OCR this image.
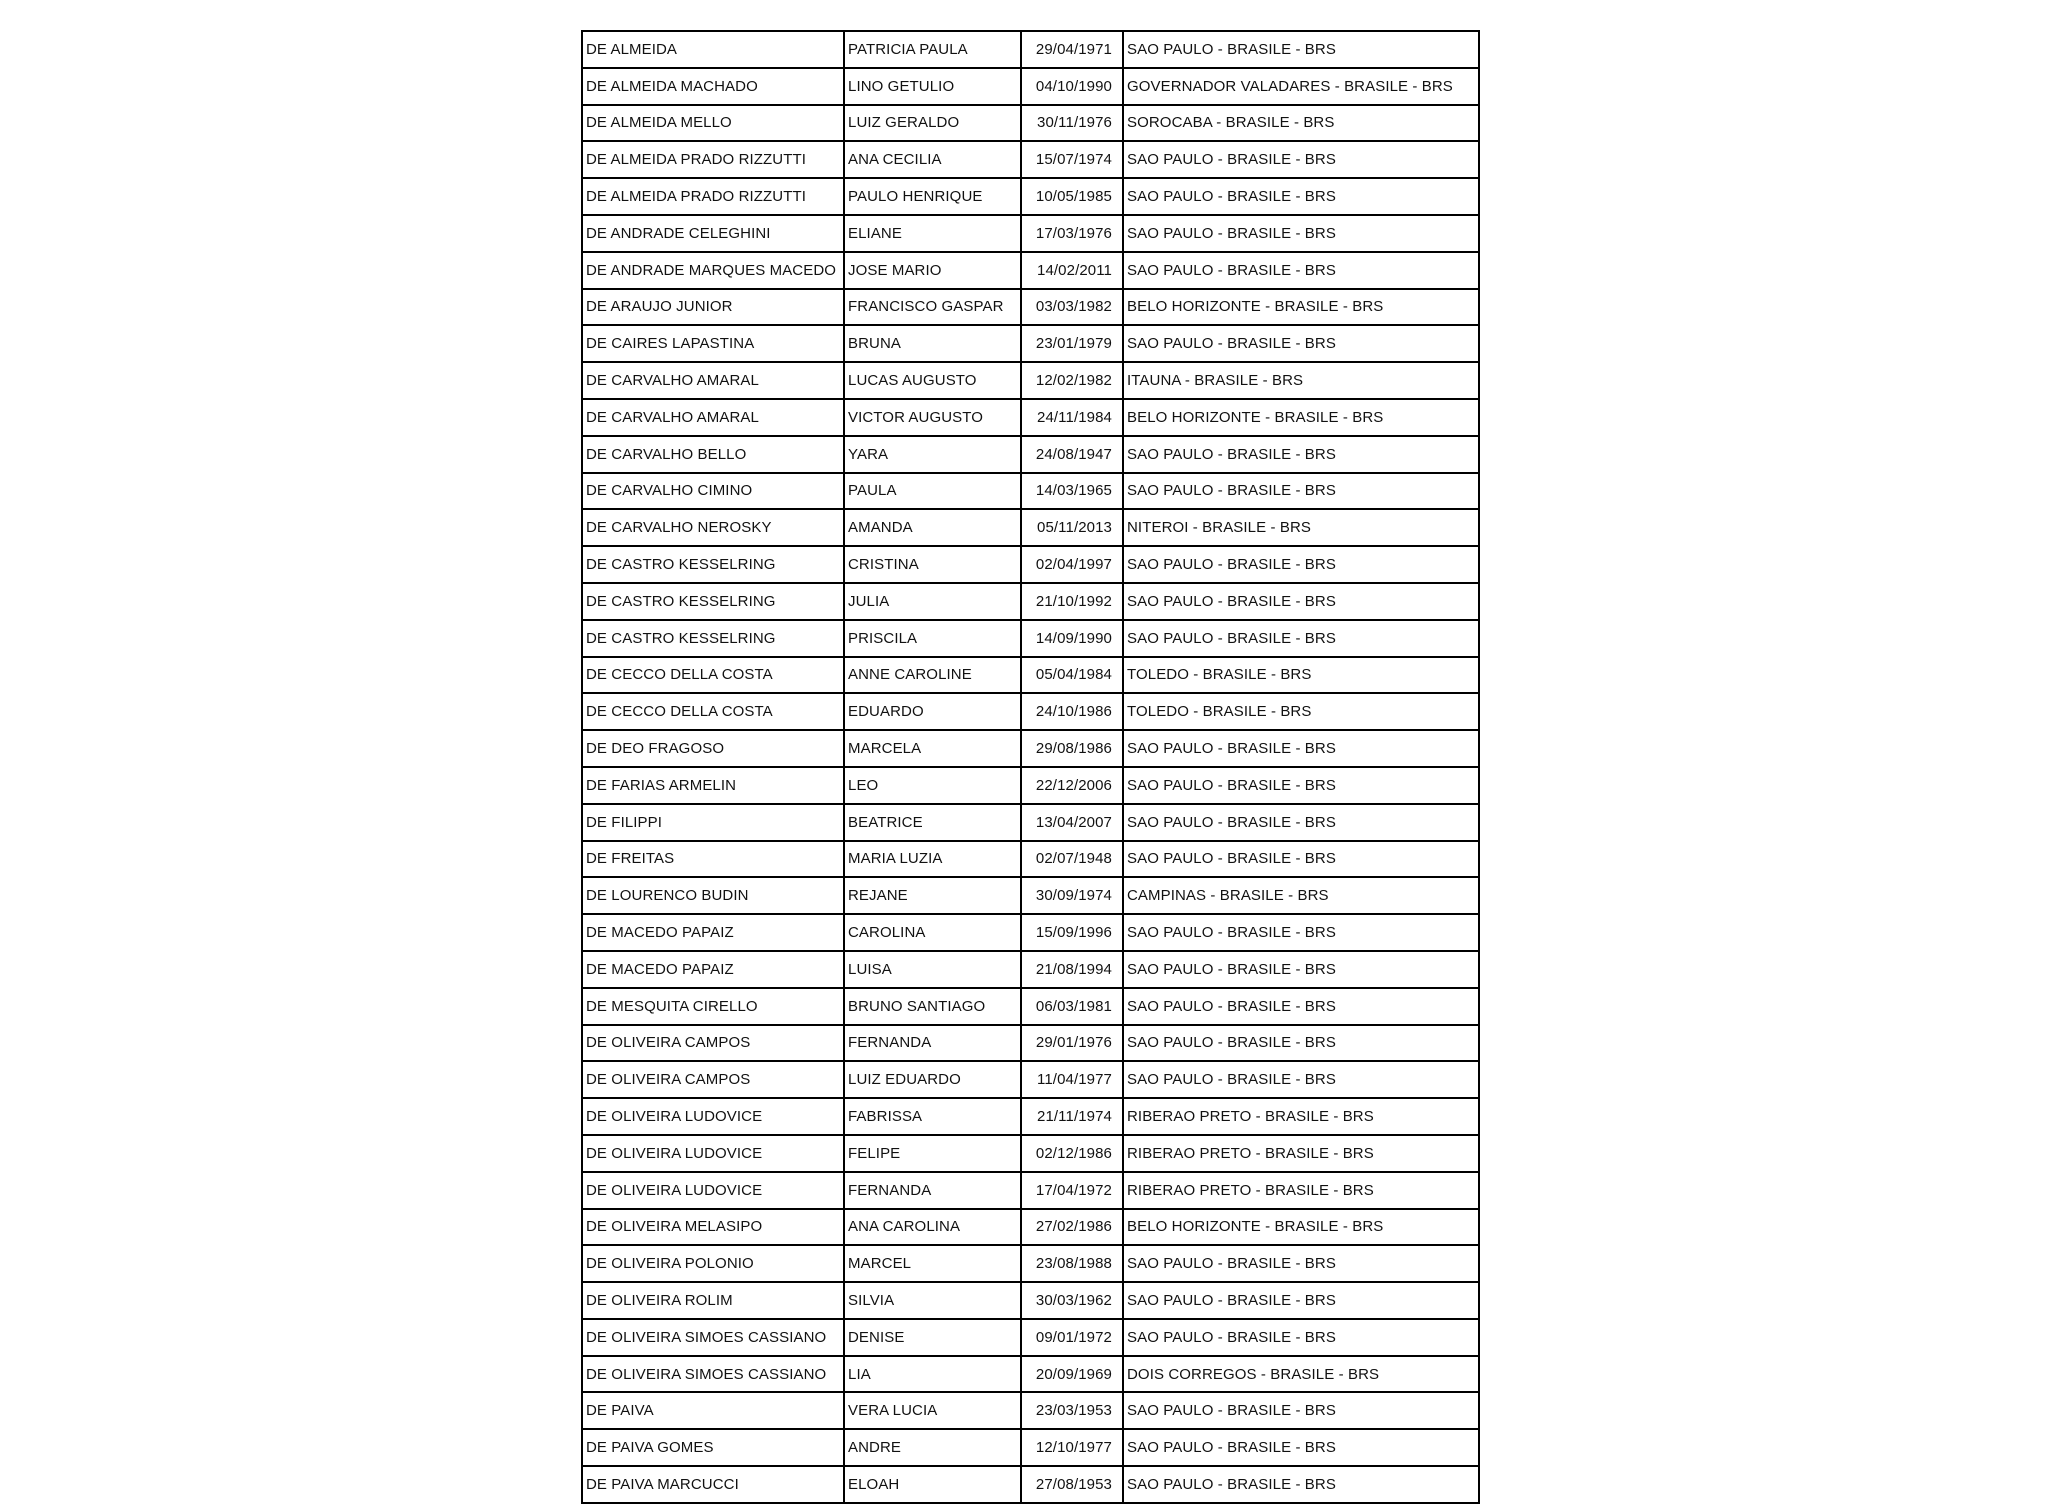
DE ALMEIDA	PATRICIA PAULA	29/04/1971	SAO PAULO - BRASILE - BRS
DE ALMEIDA MACHADO	LINO GETULIO	04/10/1990	GOVERNADOR VALADARES - BRASILE - BRS
DE ALMEIDA MELLO	LUIZ GERALDO	30/11/1976	SOROCABA - BRASILE - BRS
DE ALMEIDA PRADO RIZZUTTI	ANA CECILIA	15/07/1974	SAO PAULO - BRASILE - BRS
DE ALMEIDA PRADO RIZZUTTI	PAULO HENRIQUE	10/05/1985	SAO PAULO - BRASILE - BRS
DE ANDRADE CELEGHINI	ELIANE	17/03/1976	SAO PAULO - BRASILE - BRS
DE ANDRADE MARQUES MACEDO	JOSE MARIO	14/02/2011	SAO PAULO - BRASILE - BRS
DE ARAUJO JUNIOR	FRANCISCO GASPAR	03/03/1982	BELO HORIZONTE - BRASILE - BRS
DE CAIRES LAPASTINA	BRUNA	23/01/1979	SAO PAULO - BRASILE - BRS
DE CARVALHO AMARAL	LUCAS AUGUSTO	12/02/1982	ITAUNA - BRASILE - BRS
DE CARVALHO AMARAL	VICTOR AUGUSTO	24/11/1984	BELO HORIZONTE - BRASILE - BRS
DE CARVALHO BELLO	YARA	24/08/1947	SAO PAULO - BRASILE - BRS
DE CARVALHO CIMINO	PAULA	14/03/1965	SAO PAULO - BRASILE - BRS
DE CARVALHO NEROSKY	AMANDA	05/11/2013	NITEROI - BRASILE - BRS
DE CASTRO KESSELRING	CRISTINA	02/04/1997	SAO PAULO - BRASILE - BRS
DE CASTRO KESSELRING	JULIA	21/10/1992	SAO PAULO - BRASILE - BRS
DE CASTRO KESSELRING	PRISCILA	14/09/1990	SAO PAULO - BRASILE - BRS
DE CECCO DELLA COSTA	ANNE CAROLINE	05/04/1984	TOLEDO - BRASILE - BRS
DE CECCO DELLA COSTA	EDUARDO	24/10/1986	TOLEDO - BRASILE - BRS
DE DEO FRAGOSO	MARCELA	29/08/1986	SAO PAULO - BRASILE - BRS
DE FARIAS ARMELIN	LEO	22/12/2006	SAO PAULO - BRASILE - BRS
DE FILIPPI	BEATRICE	13/04/2007	SAO PAULO - BRASILE - BRS
DE FREITAS	MARIA LUZIA	02/07/1948	SAO PAULO - BRASILE - BRS
DE LOURENCO BUDIN	REJANE	30/09/1974	CAMPINAS - BRASILE - BRS
DE MACEDO PAPAIZ	CAROLINA	15/09/1996	SAO PAULO - BRASILE - BRS
DE MACEDO PAPAIZ	LUISA	21/08/1994	SAO PAULO - BRASILE - BRS
DE MESQUITA CIRELLO	BRUNO SANTIAGO	06/03/1981	SAO PAULO - BRASILE - BRS
DE OLIVEIRA CAMPOS	FERNANDA	29/01/1976	SAO PAULO - BRASILE - BRS
DE OLIVEIRA CAMPOS	LUIZ EDUARDO	11/04/1977	SAO PAULO - BRASILE - BRS
DE OLIVEIRA LUDOVICE	FABRISSA	21/11/1974	RIBERAO PRETO - BRASILE - BRS
DE OLIVEIRA LUDOVICE	FELIPE	02/12/1986	RIBERAO PRETO - BRASILE - BRS
DE OLIVEIRA LUDOVICE	FERNANDA	17/04/1972	RIBERAO PRETO - BRASILE - BRS
DE OLIVEIRA MELASIPO	ANA CAROLINA	27/02/1986	BELO HORIZONTE - BRASILE - BRS
DE OLIVEIRA POLONIO	MARCEL	23/08/1988	SAO PAULO - BRASILE - BRS
DE OLIVEIRA ROLIM	SILVIA	30/03/1962	SAO PAULO - BRASILE - BRS
DE OLIVEIRA SIMOES CASSIANO	DENISE	09/01/1972	SAO PAULO - BRASILE - BRS
DE OLIVEIRA SIMOES CASSIANO	LIA	20/09/1969	DOIS CORREGOS - BRASILE - BRS
DE PAIVA	VERA LUCIA	23/03/1953	SAO PAULO - BRASILE - BRS
DE PAIVA GOMES	ANDRE	12/10/1977	SAO PAULO - BRASILE - BRS
DE PAIVA MARCUCCI	ELOAH	27/08/1953	SAO PAULO - BRASILE - BRS
